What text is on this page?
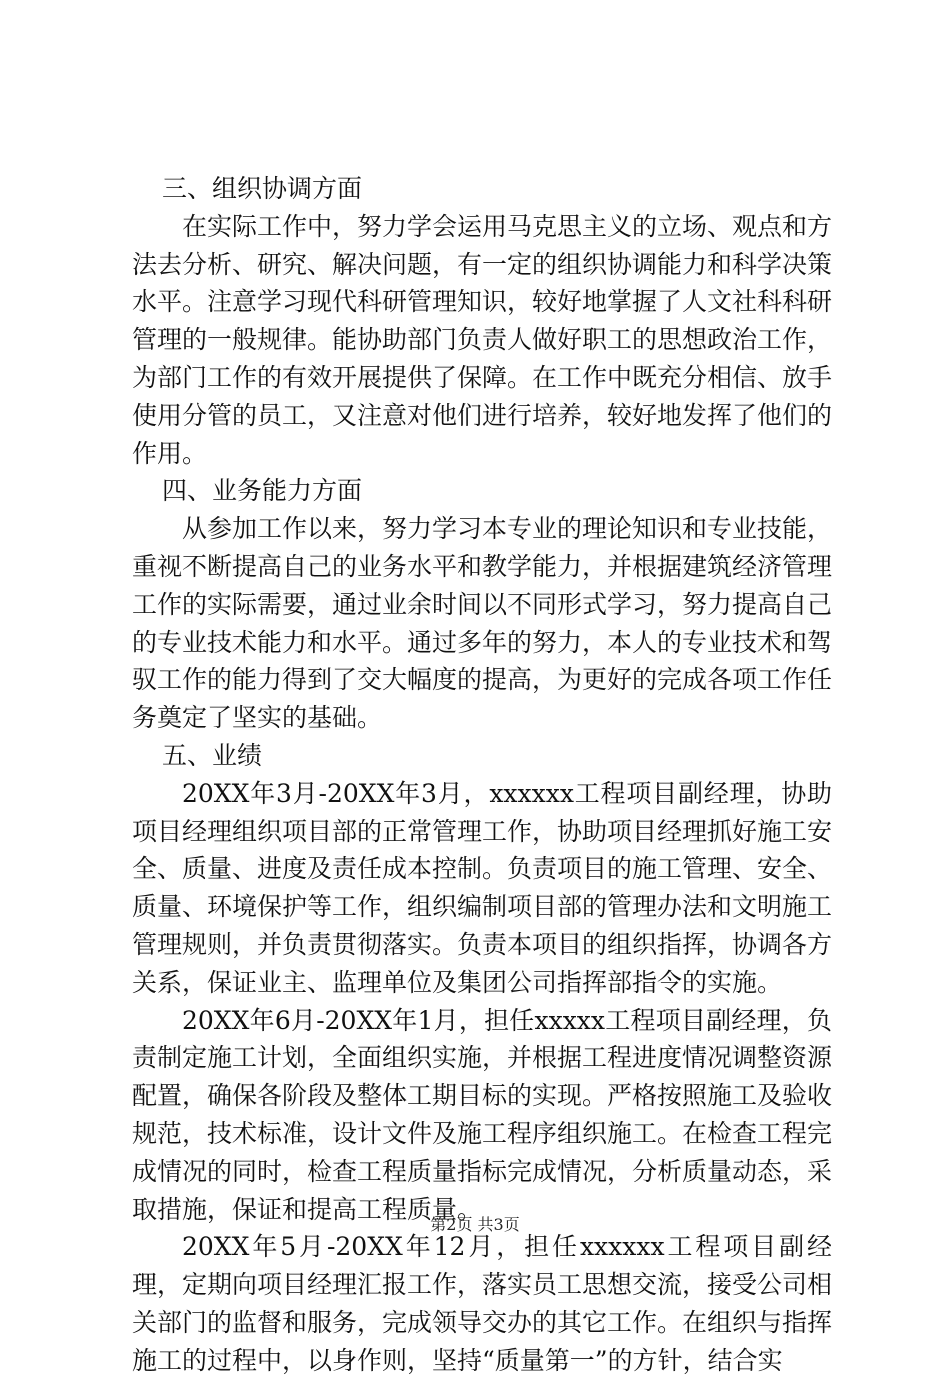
三、组织协调方面

在实际工作中，努力学会运用马克思主义的立场、观点和方法去分析、研究、解决问题，有一定的组织协调能力和科学决策水平。注意学习现代科研管理知识，较好地掌握了人文社科科研管理的一般规律。能协助部门负责人做好职工的思想政治工作，为部门工作的有效开展提供了保障。在工作中既充分相信、放手使用分管的员工，又注意对他们进行培养，较好地发挥了他们的作用。

四、业务能力方面

从参加工作以来，努力学习本专业的理论知识和专业技能，重视不断提高自己的业务水平和教学能力，并根据建筑经济管理工作的实际需要，通过业余时间以不同形式学习，努力提高自己的专业技术能力和水平。通过多年的努力，本人的专业技术和驾驭工作的能力得到了交大幅度的提高，为更好的完成各项工作任务奠定了坚实的基础。

五、业绩

20XX年3月-20XX年3月，xxxxxx工程项目副经理，协助项目经理组织项目部的正常管理工作，协助项目经理抓好施工安全、质量、进度及责任成本控制。负责项目的施工管理、安全、质量、环境保护等工作，组织编制项目部的管理办法和文明施工管理规则，并负责贯彻落实。负责本项目的组织指挥，协调各方关系，保证业主、监理单位及集团公司指挥部指令的实施。

20XX年6月-20XX年1月，担任xxxxx工程项目副经理，负责制定施工计划，全面组织实施，并根据工程进度情况调整资源配置，确保各阶段及整体工期目标的实现。严格按照施工及验收规范，技术标准，设计文件及施工程序组织施工。在检查工程完成情况的同时，检查工程质量指标完成情况，分析质量动态，采取措施，保证和提高工程质量。

20XX年5月-20XX年12月，担任xxxxxx工程项目副经理，定期向项目经理汇报工作，落实员工思想交流，接受公司相关部门的监督和服务，完成领导交办的其它工作。在组织与指挥施工的过程中，以身作则，坚持“质量第一”的方针，结合实

第2页 共3页
